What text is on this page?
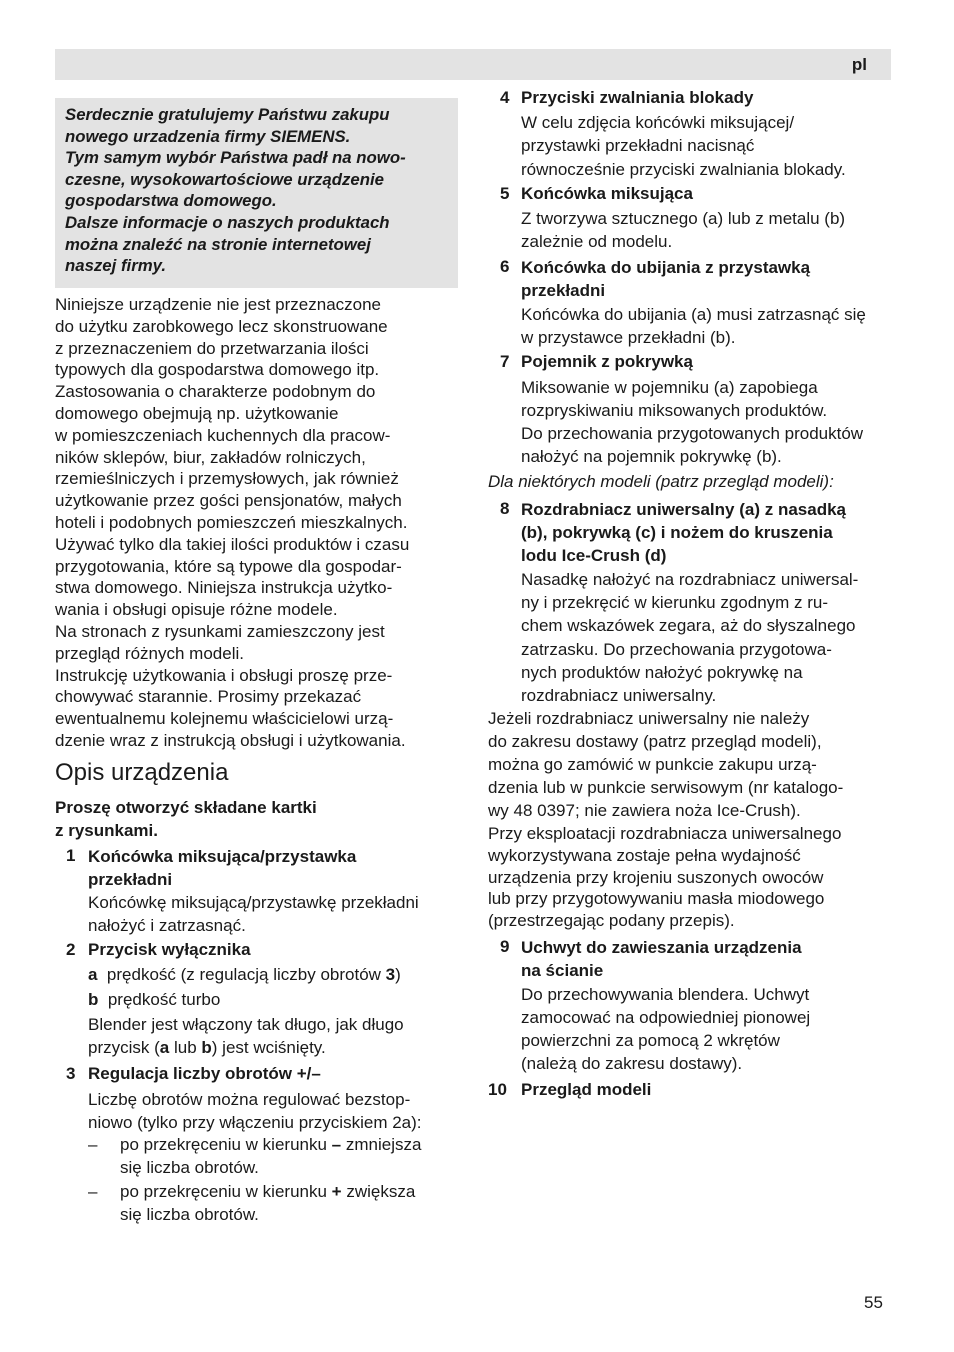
pl
Serdecznie gratulujemy Państwu zakupu
nowego urzadzenia firmy SIEMENS.
Tym samym wybór Państwa padł na nowo-
czesne, wysokowartościowe urządzenie
gospodarstwa domowego.
Dalsze informacje o naszych produktach
można znaleźć na stronie internetowej
naszej firmy.
Niniejsze urządzenie nie jest przeznaczone
do użytku zarobkowego lecz skonstruowane
z przeznaczeniem do przetwarzania ilości
typowych dla gospodarstwa domowego itp.
Zastosowania o charakterze podobnym do
domowego obejmują np. użytkowanie
w pomieszczeniach kuchennych dla pracow-
ników sklepów, biur, zakładów rolniczych,
rzemieślniczych i przemysłowych, jak również
użytkowanie przez gości pensjonatów, małych
hoteli i podobnych pomieszczeń mieszkalnych.
Używać tylko dla takiej ilości produktów i czasu
przygotowania, które są typowe dla gospodar-
stwa domowego. Niniejsza instrukcja użytko-
wania i obsługi opisuje różne modele.
Na stronach z rysunkami zamieszczony jest
przegląd różnych modeli.
Instrukcję użytkowania i obsługi proszę prze-
chowywać starannie. Prosimy przekazać
ewentualnemu kolejnemu właścicielowi urzą-
dzenie wraz z instrukcją obsługi i użytkowania.
Opis urządzenia
Proszę otworzyć składane kartki
z rysunkami.
1 Końcówka miksująca/przystawka
przekładni
Końcówkę miksującą/przystawkę przekładni
nałożyć i zatrzasnąć.
2 Przycisk wyłącznika
a prędkość (z regulacją liczby obrotów 3)
b prędkość turbo
Blender jest włączony tak długo, jak długo
przycisk (a lub b) jest wciśnięty.
3 Regulacja liczby obrotów +/–
Liczbę obrotów można regulować bezstop-
niowo (tylko przy włączeniu przyciskiem 2a):
– po przekręceniu w kierunku – zmniejsza
się liczba obrotów.
– po przekręceniu w kierunku + zwiększa
się liczba obrotów.
4 Przyciski zwalniania blokady
W celu zdjęcia końcówki miksującej/
przystawki przekładni nacisnąć
równocześnie przyciski zwalniania blokady.
5 Końcówka miksująca
Z tworzywa sztucznego (a) lub z metalu (b)
zależnie od modelu.
6 Końcówka do ubijania z przystawką
przekładni
Końcówka do ubijania (a) musi zatrzasnąć się
w przystawce przekładni (b).
7 Pojemnik z pokrywką
Miksowanie w pojemniku (a) zapobiega
rozpryskiwaniu miksowanych produktów.
Do przechowania przygotowanych produktów
nałożyć na pojemnik pokrywkę (b).
Dla niektórych modeli (patrz przegląd modeli):
8 Rozdrabniacz uniwersalny (a) z nasadką
(b), pokrywką (c) i nożem do kruszenia
lodu Ice-Crush (d)
Nasadkę nałożyć na rozdrabniacz uniwersal-
ny i przekręcić w kierunku zgodnym z ru-
chem wskazówek zegara, aż do słyszalnego
zatrzasku. Do przechowania przygotowa-
nych produktów nałożyć pokrywkę na
rozdrabniacz uniwersalny.
Jeżeli rozdrabniacz uniwersalny nie należy
do zakresu dostawy (patrz przegląd modeli),
można go zamówić w punkcie zakupu urzą-
dzenia lub w punkcie serwisowym (nr katalogo-
wy 48 0397; nie zawiera noża Ice-Crush).
Przy eksploatacji rozdrabniacza uniwersalnego
wykorzystywana zostaje pełna wydajność
urządzenia przy krojeniu suszonych owoców
lub przy przygotowywaniu masła miodowego
(przestrzegając podany przepis).
9 Uchwyt do zawieszania urządzenia
na ścianie
Do przechowywania blendera. Uchwyt
zamocować na odpowiedniej pionowej
powierzchni za pomocą 2 wkrętów
(należą do zakresu dostawy).
10 Przegląd modeli
55
